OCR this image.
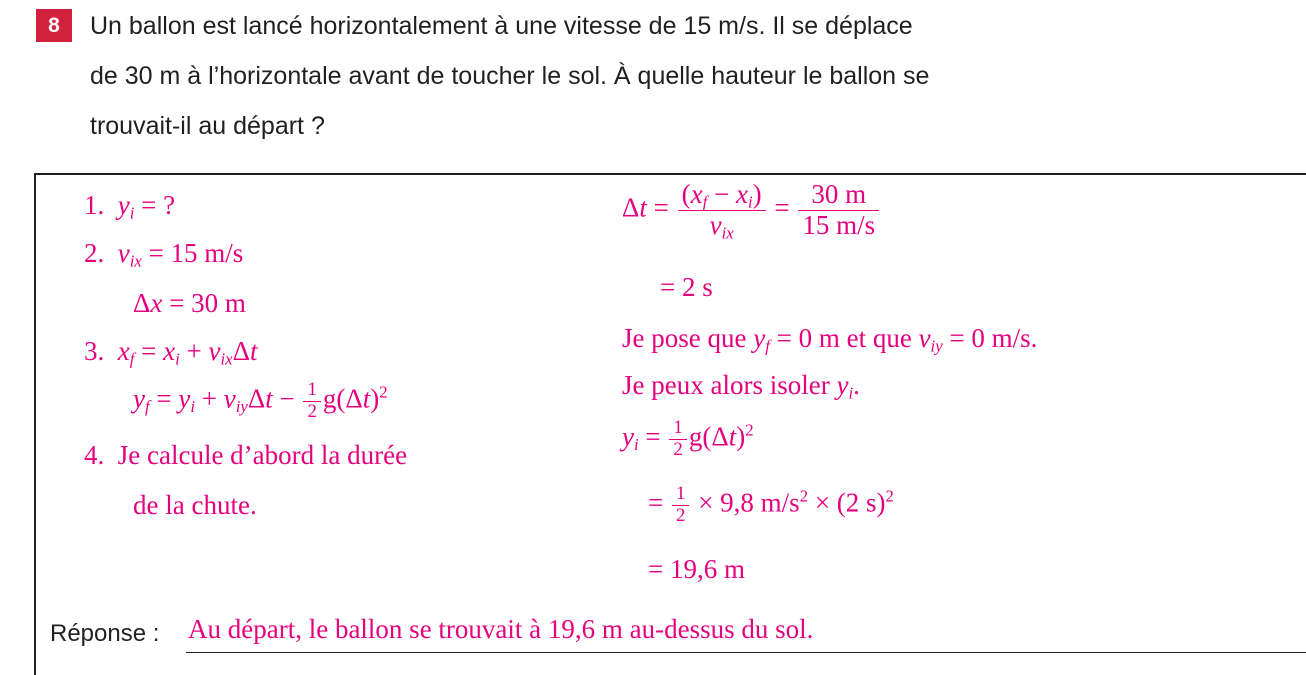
8	Un ballon est lancé horizontalement à une vitesse de 15 m/s. Il se déplace
de 30 m à l’horizontale avant de toucher le sol. À quelle hauteur le ballon se
trouvait-il au départ ?
1. $y_i$ = ?
2. $v_{ix} = 15$ m/s
Δx = 30 m
3. $x_f = x_i + v_{ix}\Delta t$
$y_f = y_i + v_{iy}\Delta t - \frac{1}{2} g(\Delta t)^2$
4. Je calcule d’abord la durée
de la chute.
$\Delta t = \frac{(x_f - x_i)}{v_{ix}} = \frac{30 m}{15 m/s}$
= 2 s
Je pose que $y_f = 0$ m et que $v_{iy} = 0$ m/s.
Je peux alors isoler $y_i$.
$y_i = \frac{1}{2} g(\Delta t)^2$
= $\frac{1}{2} \times 9,8$ $m/s^2 \times (2$ s)$^2$
= 19,6 m
Réponse : Au départ, le ballon se trouvait à 19,6 m au-dessus du sol.
